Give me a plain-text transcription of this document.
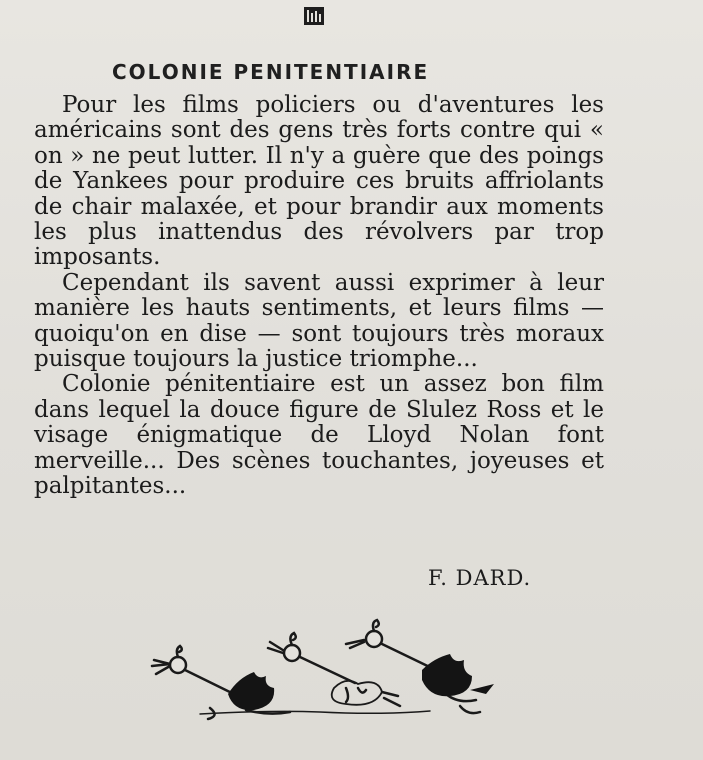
COLONIE PENITENTIAIRE

Pour les films policiers ou d'aventures les américains sont des gens très forts contre qui « on » ne peut lutter. Il n'y a guère que des poings de Yankees pour produire ces bruits affriolants de chair malaxée, et pour brandir aux moments les plus inattendus des révolvers par trop imposants.

Cependant ils savent aussi exprimer à leur manière les hauts sentiments, et leurs films — quoiqu'on en dise — sont toujours très moraux puisque toujours la justice triomphe...

Colonie pénitentiaire est un assez bon film dans lequel la douce figure de Slulez Ross et le visage énigmatique de Lloyd Nolan font merveille... Des scènes touchantes, joyeuses et palpitantes...

F. DARD.
